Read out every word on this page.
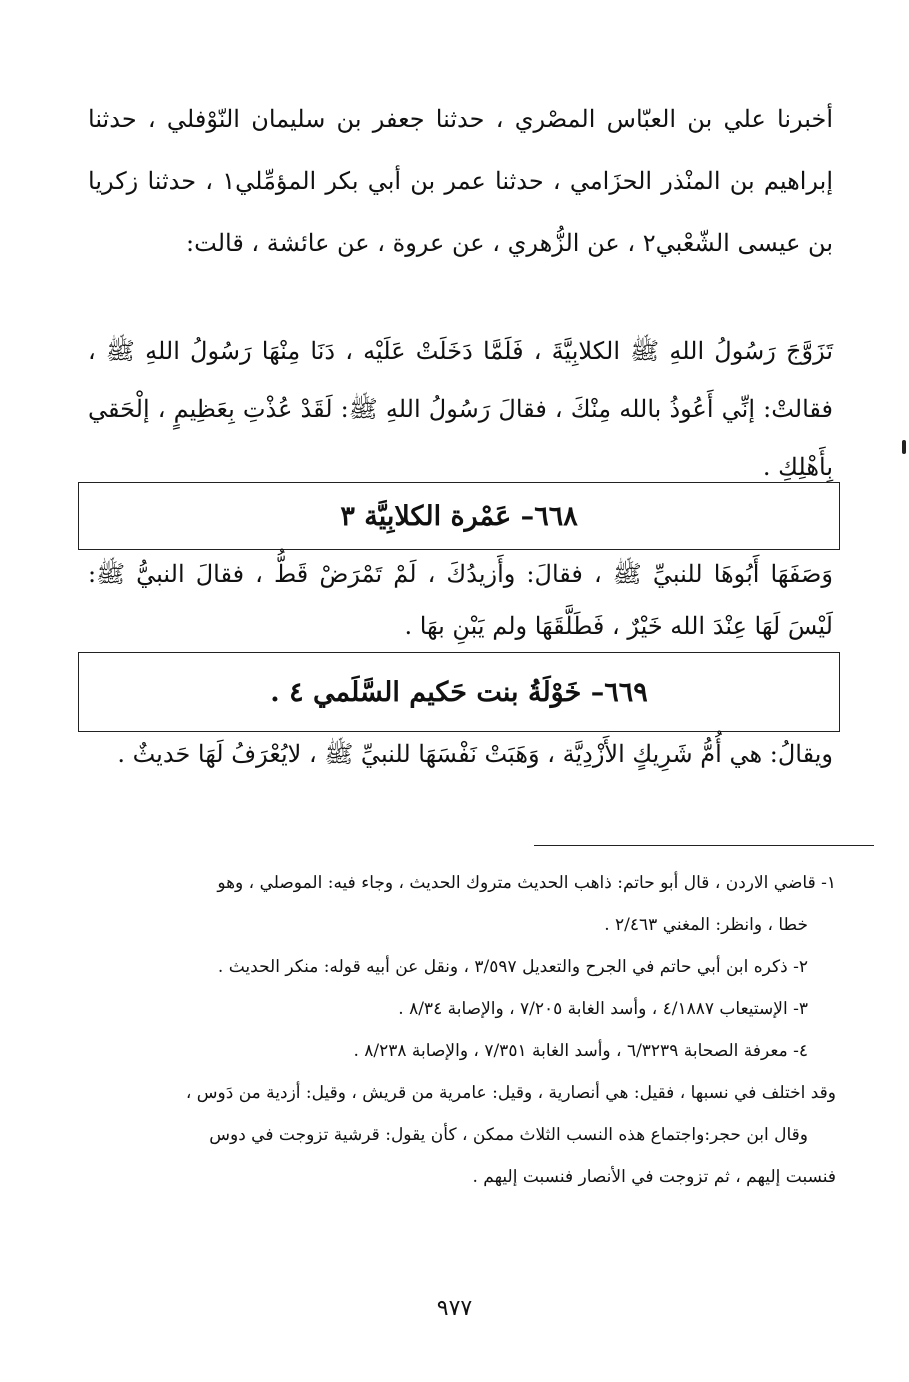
أخبرنا علي بن العبّاس المصْري ، حدثنا جعفر بن سليمان النّوْفلي ، حدثنا إبراهيم بن المنْذر الحزَامي ، حدثنا عمر بن أبي بكر المؤمِّلي١ ، حدثنا زكريا بن عيسى الشّعْبي٢ ، عن الزُّهري ، عن عروة ، عن عائشة ، قالت:

تَزَوَّجَ رَسُولُ اللهِ ﷺ الكلابِيَّةَ ، فَلَمَّا دَخَلَتْ عَلَيْه ، دَنَا مِنْهَا رَسُولُ اللهِ ﷺ ، فقالتْ: إنِّي أَعُوذُ بالله مِنْكَ ، فقالَ رَسُولُ اللهِ ﷺ: لَقَدْ عُذْتِ بِعَظِيمٍ ، إلْحَقي بِأَهْلِكِ .

٦٦٨– عَمْرة الكلابِيَّة ٣

وَصَفَهَا أَبُوهَا للنبيِّ ﷺ ، فقالَ: وأَزيدُكَ ، لَمْ تَمْرَضْ قَطُّ ، فقالَ النبيُّ ﷺ: لَيْسَ لَهَا عِنْدَ الله خَيْرٌ ، فَطَلَّقَهَا ولم يَبْنِ بهَا .

٦٦٩– خَوْلَةُ بنت حَكيم السَّلَمي ٤ .

ويقالُ: هي أُمُّ شَرِيكٍ الأَزْدِيَّة ، وَهَبَتْ نَفْسَهَا للنبيِّ ﷺ ، لايُعْرَفُ لَهَا حَديثٌ .

١- قاضي الاردن ، قال أبو حاتم: ذاهب الحديث متروك الحديث ، وجاء فيه: الموصلي ، وهو

خطا ، وانظر: المغني ٢/٤٦٣ .

٢- ذكره ابن أبي حاتم في الجرح والتعديل ٣/٥٩٧ ، ونقل عن أبيه قوله: منكر الحديث .

٣- الإستيعاب ٤/١٨٨٧ ، وأسد الغابة ٧/٢٠٥ ، والإصابة ٨/٣٤ .

٤- معرفة الصحابة ٦/٣٢٣٩ ، وأسد الغابة ٧/٣٥١ ، والإصابة ٨/٢٣٨ .

وقد اختلف في نسبها ، فقيل: هي أنصارية ، وقيل: عامرية من قريش ، وقيل: أزدية من دَوس ،

وقال ابن حجر:واجتماع هذه النسب الثلاث ممكن ، كأن يقول: قرشية تزوجت في دوس

فنسبت إليهم ، ثم تزوجت في الأنصار فنسبت إليهم .

٩٧٧
